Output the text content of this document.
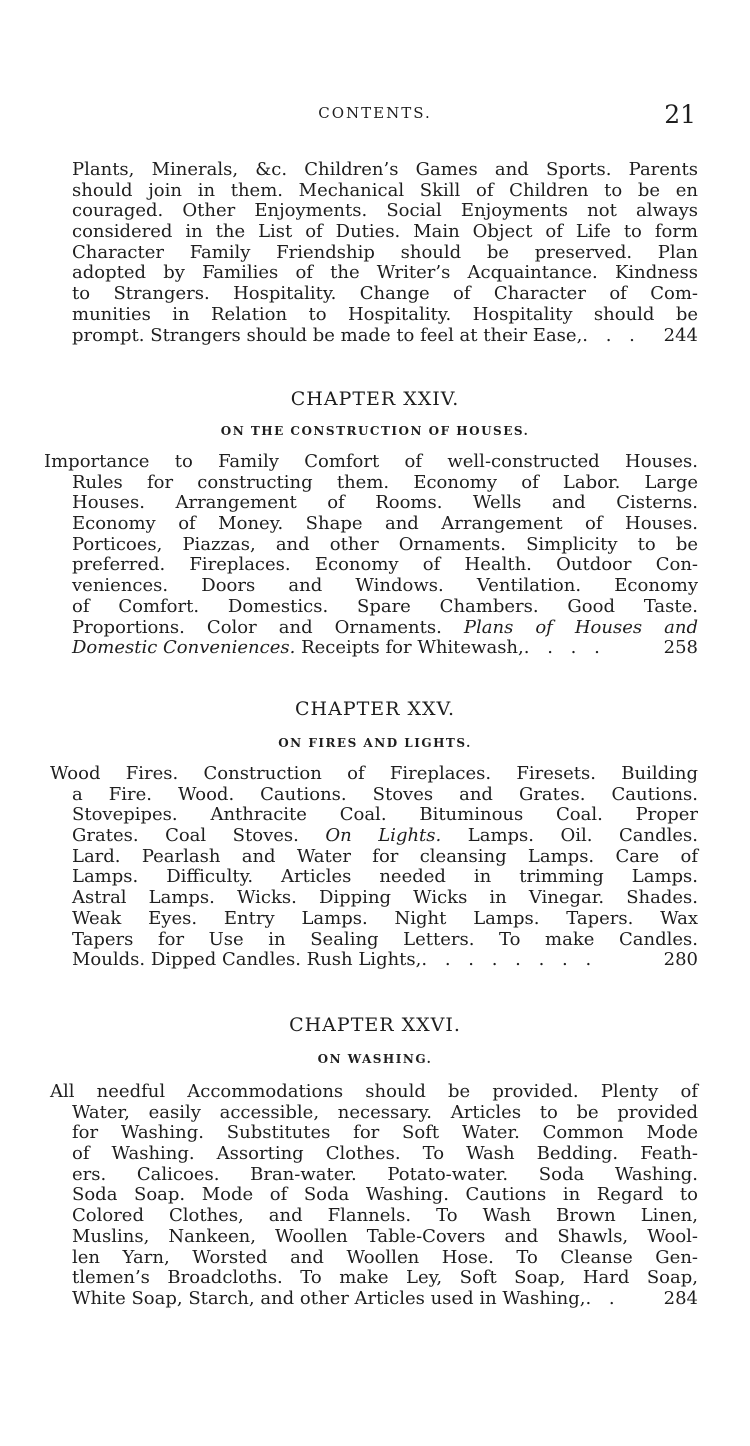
CONTENTS.	21
Plants, Minerals, &c. Children’s Games and Sports. Parents
should join in them. Mechanical Skill of Children to be en
couraged. Other Enjoyments. Social Enjoyments not always
considered in the List of Duties. Main Object of Life to form
Character Family Friendship should be preserved. Plan
adopted by Families of the Writer’s Acquaintance. Kindness
to Strangers. Hospitality. Change of Character of Com-
munities in Relation to Hospitality. Hospitality should be
prompt. Strangers should be made to feel at their Ease, . . .	244
CHAPTER XXIV.
ON THE CONSTRUCTION OF HOUSES.
Importance to Family Comfort of well-constructed Houses.
Rules for constructing them. Economy of Labor. Large
Houses. Arrangement of Rooms. Wells and Cisterns.
Economy of Money. Shape and Arrangement of Houses.
Porticoes, Piazzas, and other Ornaments. Simplicity to be
preferred. Fireplaces. Economy of Health. Outdoor Con-
veniences. Doors and Windows. Ventilation. Economy
of Comfort. Domestics. Spare Chambers. Good Taste.
Proportions. Color and Ornaments. Plans of Houses and
Domestic Conveniences. Receipts for Whitewash, . . . .	258
CHAPTER XXV.
ON FIRES AND LIGHTS.
Wood Fires. Construction of Fireplaces. Firesets. Building
a Fire. Wood. Cautions. Stoves and Grates. Cautions.
Stovepipes. Anthracite Coal. Bituminous Coal. Proper
Grates. Coal Stoves. On Lights. Lamps. Oil. Candles.
Lard. Pearlash and Water for cleansing Lamps. Care of
Lamps. Difficulty. Articles needed in trimming Lamps.
Astral Lamps. Wicks. Dipping Wicks in Vinegar. Shades.
Weak Eyes. Entry Lamps. Night Lamps. Tapers. Wax
Tapers for Use in Sealing Letters. To make Candles.
Moulds. Dipped Candles. Rush Lights, . . . . . . . .	280
CHAPTER XXVI.
ON WASHING.
All needful Accommodations should be provided. Plenty of
Water, easily accessible, necessary. Articles to be provided
for Washing. Substitutes for Soft Water. Common Mode
of Washing. Assorting Clothes. To Wash Bedding. Feath-
ers. Calicoes. Bran-water. Potato-water. Soda Washing.
Soda Soap. Mode of Soda Washing. Cautions in Regard to
Colored Clothes, and Flannels. To Wash Brown Linen,
Muslins, Nankeen, Woollen Table-Covers and Shawls, Wool-
len Yarn, Worsted and Woollen Hose. To Cleanse Gen-
tlemen’s Broadcloths. To make Ley, Soft Soap, Hard Soap,
White Soap, Starch, and other Articles used in Washing, . .	284
